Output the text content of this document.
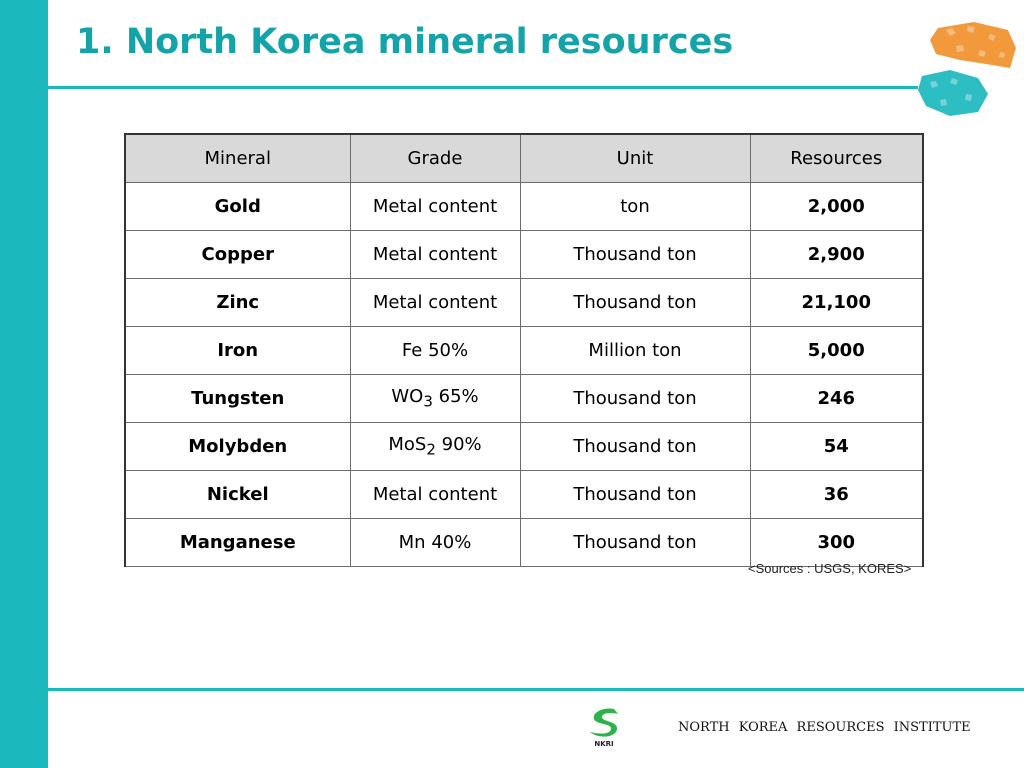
1. North Korea mineral resources
Mineral	Grade	Unit	Resources
Gold	Metal content	ton	2,000
Copper	Metal content	Thousand ton	2,900
Zinc	Metal content	Thousand ton	21,100
Iron	Fe 50%	Million ton	5,000
Tungsten	$WO_3$ 65%	Thousand ton	246
Molybden	MoS$_2$ 90%	Thousand ton	54
Nickel	Metal content	Thousand ton	36
Manganese	Mn 40%	Thousand ton	300
<Sources : USGS, KORES>
NKRI
NORTH KOREA RESOURCES INSTITUTE
